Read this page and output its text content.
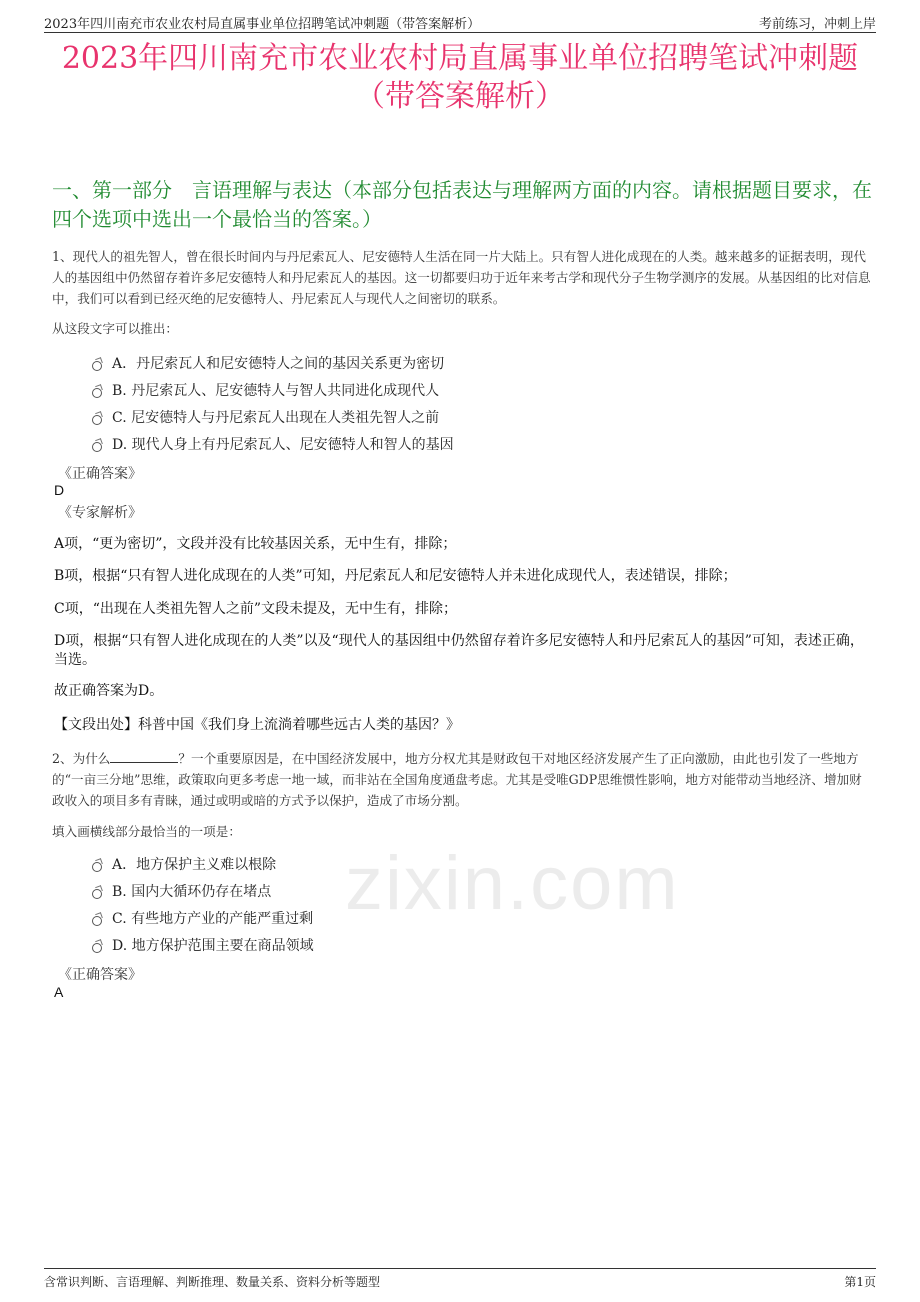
2023年四川南充市农业农村局直属事业单位招聘笔试冲刺题（带答案解析）	考前练习，冲刺上岸
2023年四川南充市农业农村局直属事业单位招聘笔试冲刺题
（带答案解析）
一、第一部分　言语理解与表达（本部分包括表达与理解两方面的内容。请根据题目要求，在四个选项中选出一个最恰当的答案。）
1、现代人的祖先智人，曾在很长时间内与丹尼索瓦人、尼安德特人生活在同一片大陆上。只有智人进化成现在的人类。越来越多的证据表明，现代人的基因组中仍然留存着许多尼安德特人和丹尼索瓦人的基因。这一切都要归功于近年来考古学和现代分子生物学测序的发展。从基因组的比对信息中，我们可以看到已经灭绝的尼安德特人、丹尼索瓦人与现代人之间密切的联系。
从这段文字可以推出：
A．丹尼索瓦人和尼安德特人之间的基因关系更为密切
B. 丹尼索瓦人、尼安德特人与智人共同进化成现代人
C. 尼安德特人与丹尼索瓦人出现在人类祖先智人之前
D. 现代人身上有丹尼索瓦人、尼安德特人和智人的基因
《正确答案》
D
《专家解析》
A项，“更为密切”，文段并没有比较基因关系，无中生有，排除；
B项，根据“只有智人进化成现在的人类”可知，丹尼索瓦人和尼安德特人并未进化成现代人，表述错误，排除；
C项，“出现在人类祖先智人之前”文段未提及，无中生有，排除；
D项，根据“只有智人进化成现在的人类”以及“现代人的基因组中仍然留存着许多尼安德特人和丹尼索瓦人的基因”可知，表述正确，当选。
故正确答案为D。
【文段出处】科普中国《我们身上流淌着哪些远古人类的基因？》
2、为什么	？一个重要原因是，在中国经济发展中，地方分权尤其是财政包干对地区经济发展产生了正向激励，由此也引发了一些地方的“一亩三分地”思维，政策取向更多考虑一地一域，而非站在全国角度通盘考虑。尤其是受唯GDP思维惯性影响，地方对能带动当地经济、增加财政收入的项目多有青睐，通过或明或暗的方式予以保护，造成了市场分割。
填入画横线部分最恰当的一项是：
A．地方保护主义难以根除
B. 国内大循环仍存在堵点
C. 有些地方产业的产能严重过剩
D. 地方保护范围主要在商品领域
《正确答案》
A
zixin.com
含常识判断、言语理解、判断推理、数量关系、资料分析等题型	第1页
